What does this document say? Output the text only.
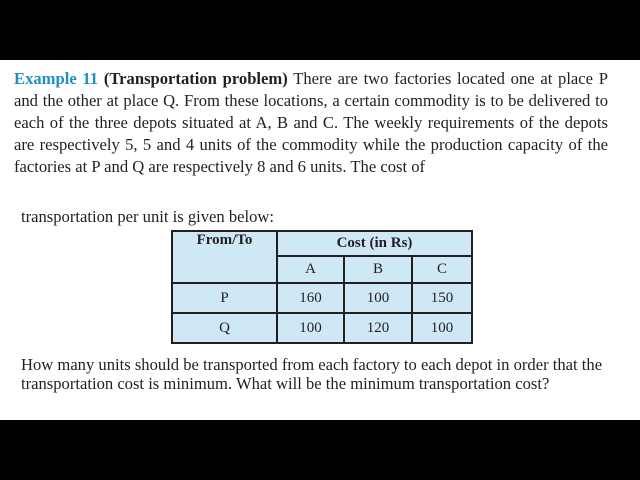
Example 11 (Transportation problem) There are two factories located one at place P and the other at place Q. From these locations, a certain commodity is to be delivered to each of the three depots situated at A, B and C. The weekly requirements of the depots are respectively 5, 5 and 4 units of the commodity while the production capacity of the factories at P and Q are respectively 8 and 6 units. The cost of

transportation per unit is given below:
From/To	Cost (in Rs)		
	A	B	C
P	160	100	150
Q	100	120	100
How many units should be transported from each factory to each depot in order that the transportation cost is minimum. What will be the minimum transportation cost?
